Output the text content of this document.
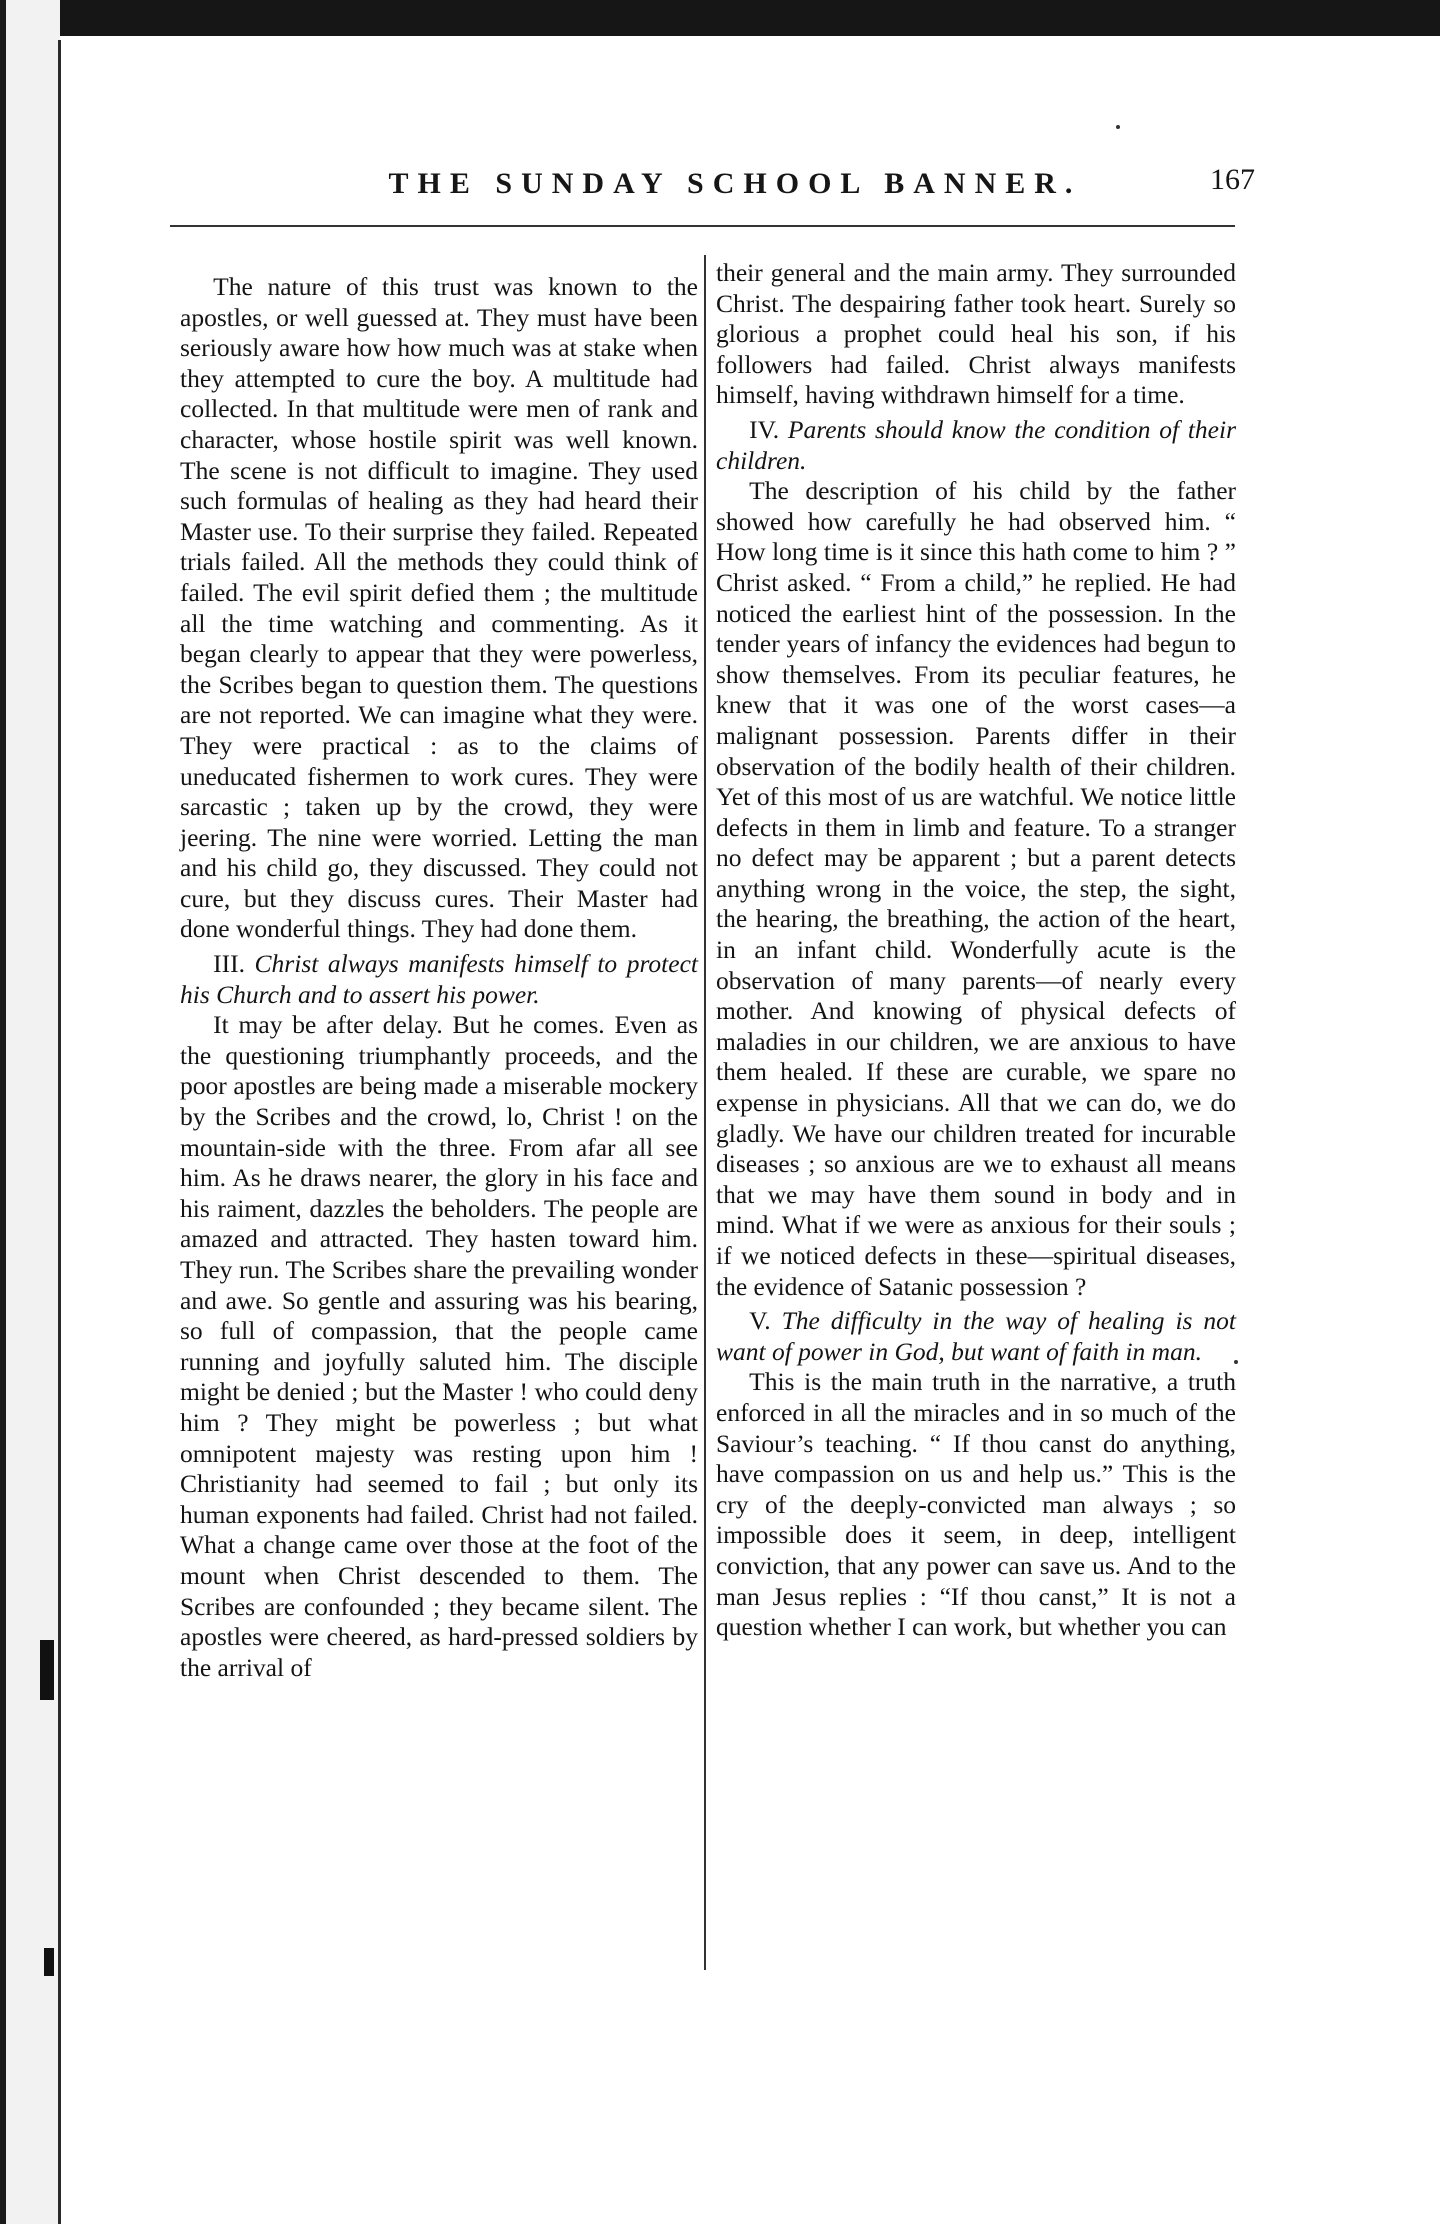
THE SUNDAY SCHOOL BANNER.	167

The nature of this trust was known to the apostles, or well guessed at. They must have been seriously aware how how much was at stake when they attempted to cure the boy. A multitude had collected. In that multitude were men of rank and character, whose hostile spirit was well known. The scene is not difficult to imagine. They used such formulas of healing as they had heard their Master use. To their surprise they failed. Repeated trials failed. All the methods they could think of failed. The evil spirit defied them ; the multitude all the time watching and commenting. As it began clearly to appear that they were powerless, the Scribes began to question them. The questions are not reported. We can imagine what they were. They were practical : as to the claims of uneducated fishermen to work cures. They were sarcastic ; taken up by the crowd, they were jeering. The nine were worried. Letting the man and his child go, they discussed. They could not cure, but they discuss cures. Their Master had done wonderful things. They had done them.

III. Christ always manifests himself to protect his Church and to assert his power.

It may be after delay. But he comes. Even as the questioning triumphantly proceeds, and the poor apostles are being made a miserable mockery by the Scribes and the crowd, lo, Christ ! on the mountain-side with the three. From afar all see him. As he draws nearer, the glory in his face and his raiment, dazzles the beholders. The people are amazed and attracted. They hasten toward him. They run. The Scribes share the prevailing wonder and awe. So gentle and assuring was his bearing, so full of compassion, that the people came running and joyfully saluted him. The disciple might be denied ; but the Master ! who could deny him ? They might be powerless ; but what omnipotent majesty was resting upon him ! Christianity had seemed to fail ; but only its human exponents had failed. Christ had not failed. What a change came over those at the foot of the mount when Christ descended to them. The Scribes are confounded ; they became silent. The apostles were cheered, as hard-pressed soldiers by the arrival of

their general and the main army. They surrounded Christ. The despairing father took heart. Surely so glorious a prophet could heal his son, if his followers had failed. Christ always manifests himself, having withdrawn himself for a time.

IV. Parents should know the condition of their children.

The description of his child by the father showed how carefully he had observed him. “ How long time is it since this hath come to him ? ” Christ asked. “ From a child,” he replied. He had noticed the earliest hint of the possession. In the tender years of infancy the evidences had begun to show themselves. From its peculiar features, he knew that it was one of the worst cases—a malignant possession. Parents differ in their observation of the bodily health of their children. Yet of this most of us are watchful. We notice little defects in them in limb and feature. To a stranger no defect may be apparent ; but a parent detects anything wrong in the voice, the step, the sight, the hearing, the breathing, the action of the heart, in an infant child. Wonderfully acute is the observation of many parents—of nearly every mother. And knowing of physical defects of maladies in our children, we are anxious to have them healed. If these are curable, we spare no expense in physicians. All that we can do, we do gladly. We have our children treated for incurable diseases ; so anxious are we to exhaust all means that we may have them sound in body and in mind. What if we were as anxious for their souls ; if we noticed defects in these—spiritual diseases, the evidence of Satanic possession ?

V. The difficulty in the way of healing is not want of power in God, but want of faith in man.

This is the main truth in the narrative, a truth enforced in all the miracles and in so much of the Saviour’s teaching. “ If thou canst do anything, have compassion on us and help us.” This is the cry of the deeply-convicted man always ; so impossible does it seem, in deep, intelligent conviction, that any power can save us. And to the man Jesus replies : “If thou canst,” It is not a question whether I can work, but whether you can
